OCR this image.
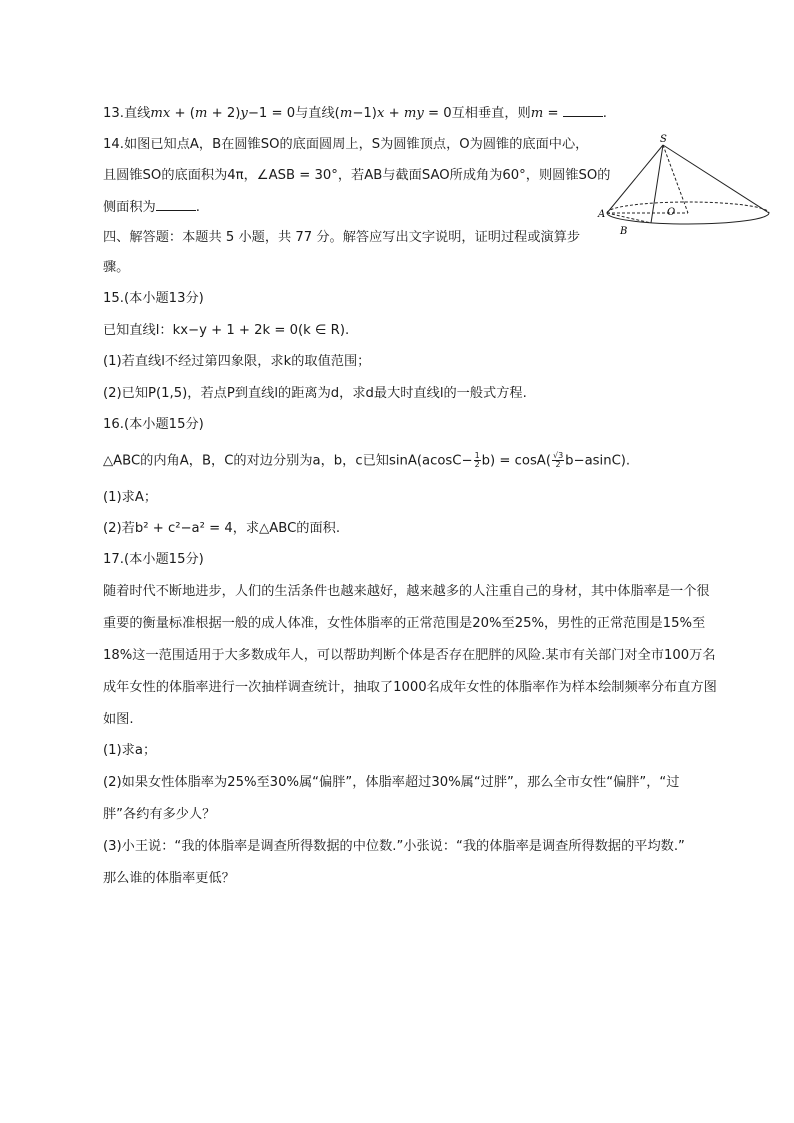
13.直线mx + (m + 2)y−1 = 0与直线(m−1)x + my = 0互相垂直，则m =	.
14.如图已知点A，B在圆锥SO的底面圆周上，S为圆锥顶点，O为圆锥的底面中心，
且圆锥SO的底面积为4π，∠ASB = 30°，若AB与截面SAO所成角为60°，则圆锥SO的
侧面积为	.
S
A	O
B
四、解答题：本题共 5 小题，共 77 分。解答应写出文字说明，证明过程或演算步
骤。
15.(本小题13分)
已知直线l：kx−y + 1 + 2k = 0(k ∈ R).
(1)若直线l不经过第四象限，求k的取值范围；
(2)已知P(1,5)，若点P到直线l的距离为d，求d最大时直线l的一般式方程.
16.(本小题15分)
△ABC的内角A，B，C的对边分别为a，b，c已知$\sin A(acosC- \frac{1}{2} b) = \cos A( \frac{√3}{2} b-asinC)$.
(1)求A；
(2)若b² + c²−a² = 4，求△ABC的面积.
17.(本小题15分)
随着时代不断地进步，人们的生活条件也越来越好，越来越多的人注重自己的身材，其中体脂率是一个很
重要的衡量标准根据一般的成人体准，女性体脂率的正常范围是20%至25%，男性的正常范围是15%至
18%这一范围适用于大多数成年人，可以帮助判断个体是否存在肥胖的风险.某市有关部门对全市100万名
成年女性的体脂率进行一次抽样调查统计，抽取了1000名成年女性的体脂率作为样本绘制频率分布直方图
如图.
(1)求a；
(2)如果女性体脂率为25%至30%属“偏胖”，体脂率超过30%属“过胖”，那么全市女性“偏胖”，“过
胖”各约有多少人？
(3)小王说：“我的体脂率是调查所得数据的中位数.”小张说：“我的体脂率是调查所得数据的平均数.”
那么谁的体脂率更低？
